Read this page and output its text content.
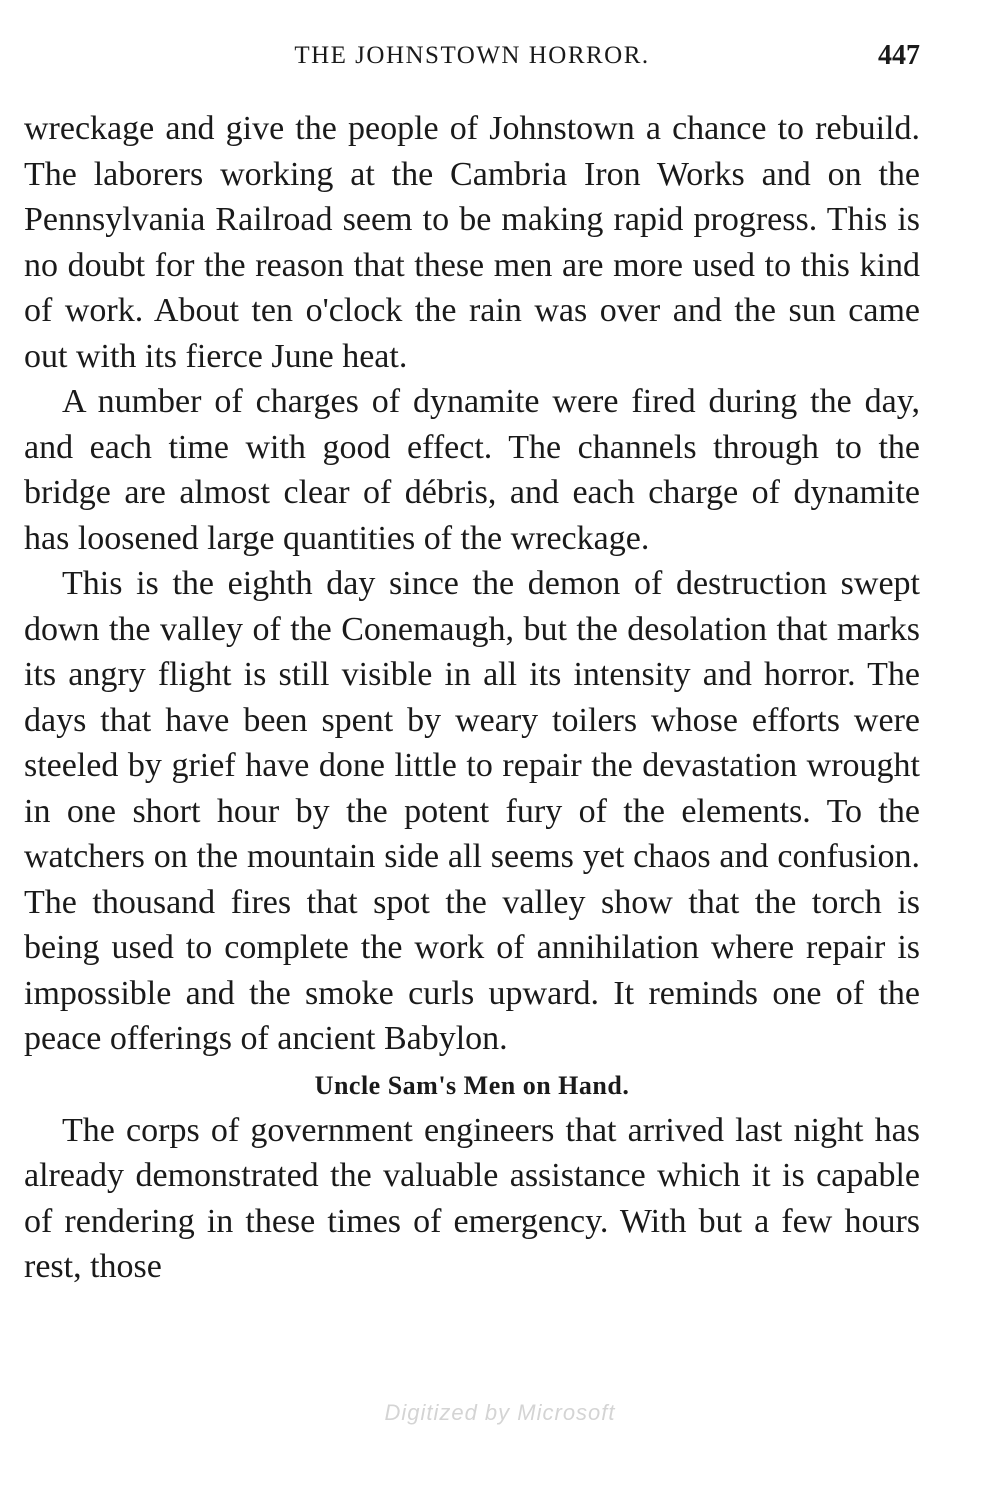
THE JOHNSTOWN HORROR.	447

wreckage and give the people of Johnstown a chance to rebuild. The laborers working at the Cambria Iron Works and on the Pennsylvania Railroad seem to be making rapid progress. This is no doubt for the reason that these men are more used to this kind of work. About ten o'clock the rain was over and the sun came out with its fierce June heat.

A number of charges of dynamite were fired during the day, and each time with good effect. The channels through to the bridge are almost clear of débris, and each charge of dynamite has loosened large quantities of the wreckage.

This is the eighth day since the demon of destruction swept down the valley of the Conemaugh, but the desolation that marks its angry flight is still visible in all its intensity and horror. The days that have been spent by weary toilers whose efforts were steeled by grief have done little to repair the devastation wrought in one short hour by the potent fury of the elements. To the watchers on the mountain side all seems yet chaos and confusion. The thousand fires that spot the valley show that the torch is being used to complete the work of annihilation where repair is impossible and the smoke curls upward. It reminds one of the peace offerings of ancient Babylon.

Uncle Sam's Men on Hand.

The corps of government engineers that arrived last night has already demonstrated the valuable assistance which it is capable of rendering in these times of emergency. With but a few hours rest, those

Digitized by Microsoft
